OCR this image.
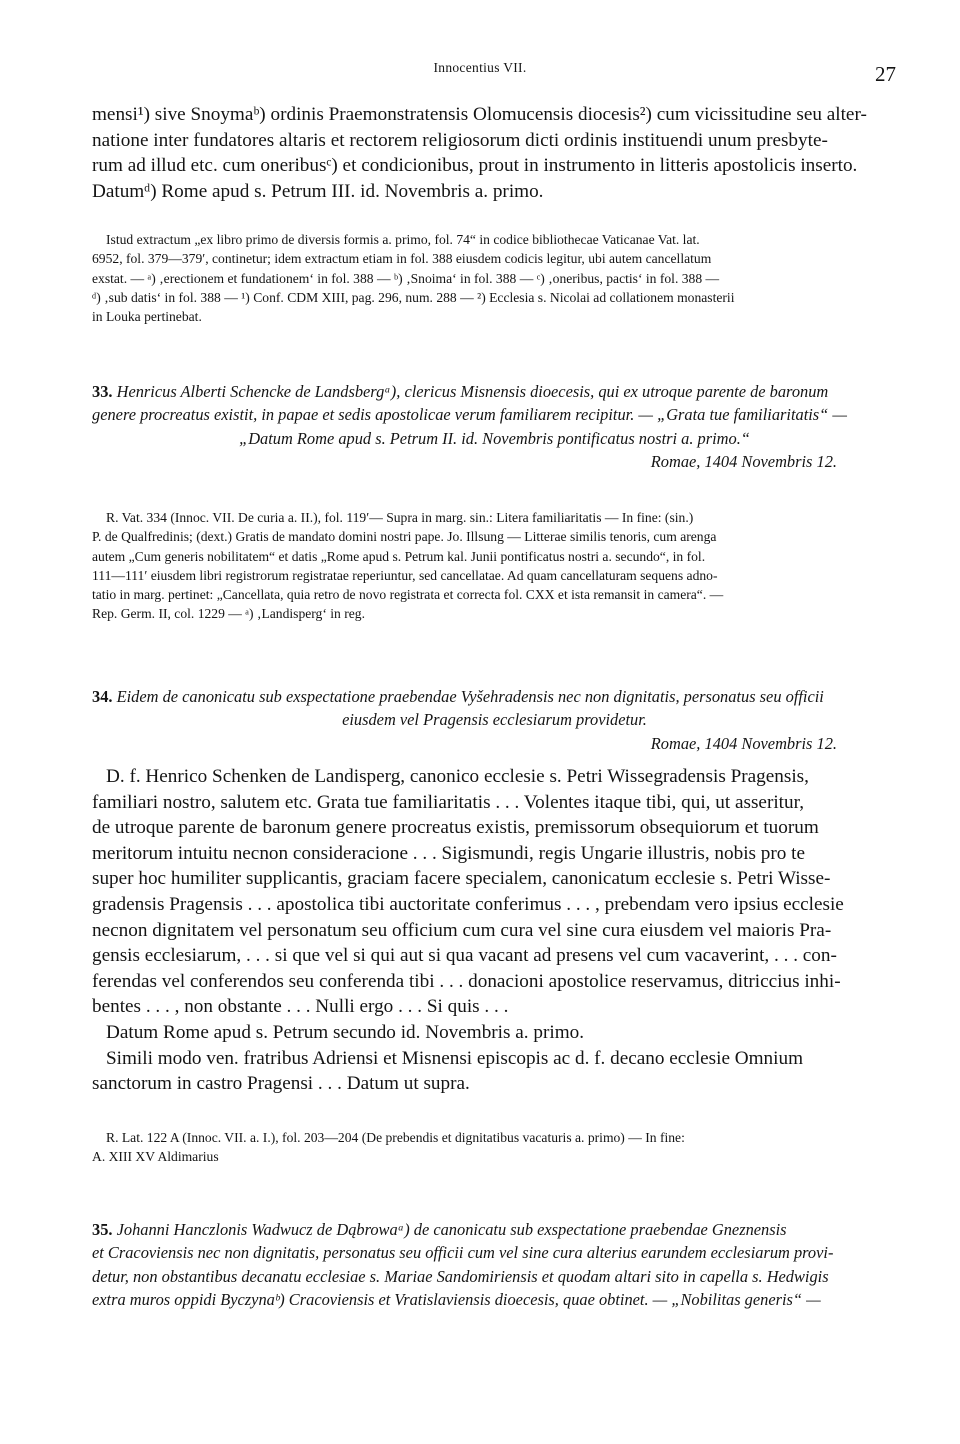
Innocentius VII.	27

mensi¹) sive Snoymaᵇ) ordinis Praemonstratensis Olomucensis diocesis²) cum vicissitudine seu alter-

natione inter fundatores altaris et rectorem religiosorum dicti ordinis instituendi unum presbyte-

rum ad illud etc. cum oneribusᶜ) et condicionibus, prout in instrumento in litteris apostolicis inserto.

Datumᵈ) Rome apud s. Petrum III. id. Novembris a. primo.

Istud extractum „ex libro primo de diversis formis a. primo, fol. 74“ in codice bibliothecae Vaticanae Vat. lat.

6952, fol. 379—379′, continetur; idem extractum etiam in fol. 388 eiusdem codicis legitur, ubi autem cancellatum

exstat. — ᵃ) ‚erectionem et fundationem‘ in fol. 388 — ᵇ) ‚Snoima‘ in fol. 388 — ᶜ) ‚oneribus, pactis‘ in fol. 388 —

ᵈ) ‚sub datis‘ in fol. 388 — ¹) Conf. CDM XIII, pag. 296, num. 288 — ²) Ecclesia s. Nicolai ad collationem monasterii

in Louka pertinebat.

33. Henricus Alberti Schencke de Landsbergᵃ), clericus Misnensis dioecesis, qui ex utroque parente de baronum

genere procreatus existit, in papae et sedis apostolicae verum familiarem recipitur. — „Grata tue familiaritatis“ —

„Datum Rome apud s. Petrum II. id. Novembris pontificatus nostri a. primo.“

Romae, 1404 Novembris 12.

R. Vat. 334 (Innoc. VII. De curia a. II.), fol. 119′— Supra in marg. sin.: Litera familiaritatis — In fine: (sin.)

P. de Qualfredinis; (dext.) Gratis de mandato domini nostri pape. Jo. Illsung — Litterae similis tenoris, cum arenga

autem „Cum generis nobilitatem“ et datis „Rome apud s. Petrum kal. Junii pontificatus nostri a. secundo“, in fol.

111—111′ eiusdem libri registrorum registratae reperiuntur, sed cancellatae. Ad quam cancellaturam sequens adno-

tatio in marg. pertinet: „Cancellata, quia retro de novo registrata et correcta fol. CXX et ista remansit in camera“. —

Rep. Germ. II, col. 1229 — ᵃ) ‚Landisperg‘ in reg.

34. Eidem de canonicatu sub exspectatione praebendae Vyšehradensis nec non dignitatis, personatus seu officii

eiusdem vel Pragensis ecclesiarum providetur.

Romae, 1404 Novembris 12.

D. f. Henrico Schenken de Landisperg, canonico ecclesie s. Petri Wissegradensis Pragensis,

familiari nostro, salutem etc. Grata tue familiaritatis . . . Volentes itaque tibi, qui, ut asseritur,

de utroque parente de baronum genere procreatus existis, premissorum obsequiorum et tuorum

meritorum intuitu necnon consideracione . . . Sigismundi, regis Ungarie illustris, nobis pro te

super hoc humiliter supplicantis, graciam facere specialem, canonicatum ecclesie s. Petri Wisse-

gradensis Pragensis . . . apostolica tibi auctoritate conferimus . . . , prebendam vero ipsius ecclesie

necnon dignitatem vel personatum seu officium cum cura vel sine cura eiusdem vel maioris Pra-

gensis ecclesiarum, . . . si que vel si qui aut si qua vacant ad presens vel cum vacaverint, . . . con-

ferendas vel conferendos seu conferenda tibi . . . donacioni apostolice reservamus, ditriccius inhi-

bentes . . . , non obstante . . . Nulli ergo . . . Si quis . . .

Datum Rome apud s. Petrum secundo id. Novembris a. primo.

Simili modo ven. fratribus Adriensi et Misnensi episcopis ac d. f. decano ecclesie Omnium

sanctorum in castro Pragensi . . . Datum ut supra.

R. Lat. 122 A (Innoc. VII. a. I.), fol. 203—204 (De prebendis et dignitatibus vacaturis a. primo) — In fine:

A. XIII XV Aldimarius

35. Johanni Hanczlonis Wadwucz de Dąbrowaᵃ) de canonicatu sub exspectatione praebendae Gneznensis

et Cracoviensis nec non dignitatis, personatus seu officii cum vel sine cura alterius earundem ecclesiarum provi-

detur, non obstantibus decanatu ecclesiae s. Mariae Sandomiriensis et quodam altari sito in capella s. Hedwigis

extra muros oppidi Byczynaᵇ) Cracoviensis et Vratislaviensis dioecesis, quae obtinet. — „Nobilitas generis“ —
